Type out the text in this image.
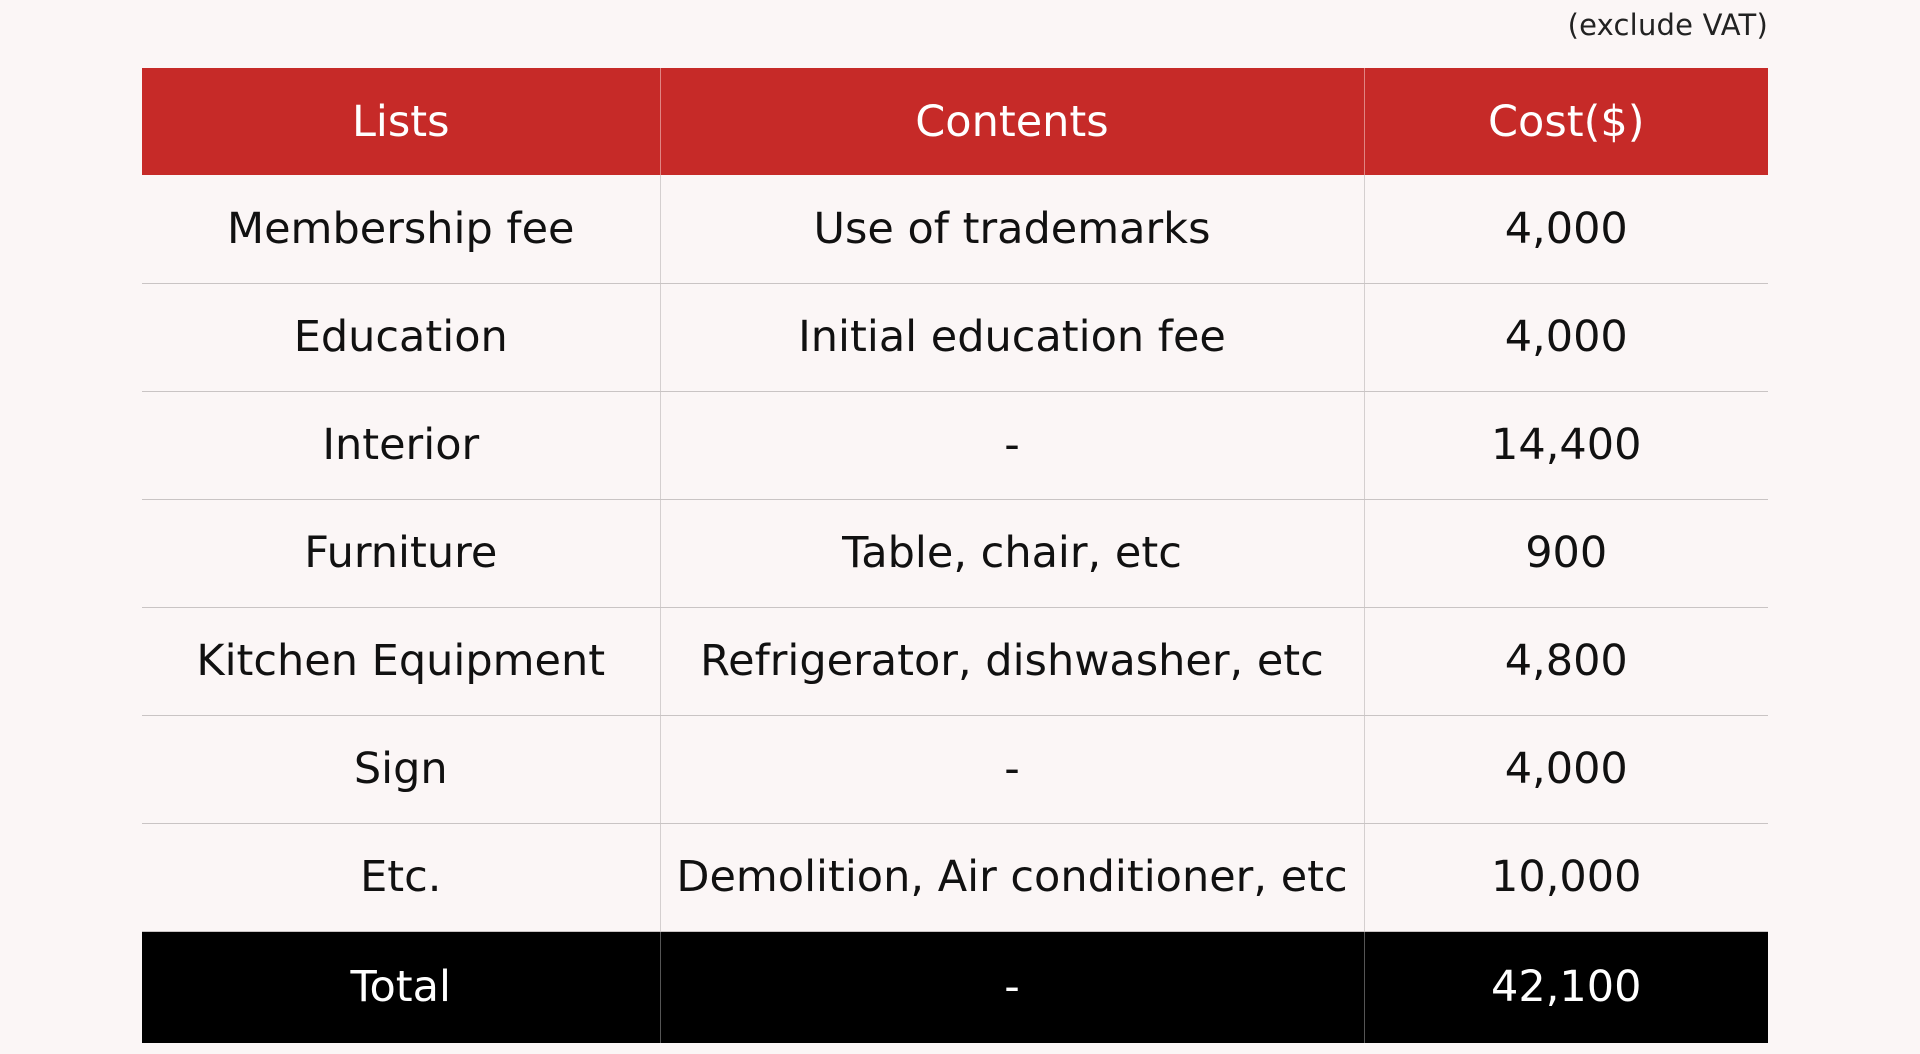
(exclude VAT)
Lists	Contents	Cost($)
Membership fee	Use of trademarks	4,000
Education	Initial education fee	4,000
Interior	-	14,400
Furniture	Table, chair, etc	900
Kitchen Equipment	Refrigerator, dishwasher, etc	4,800
Sign	-	4,000
Etc.	Demolition, Air conditioner, etc	10,000
Total	-	42,100
